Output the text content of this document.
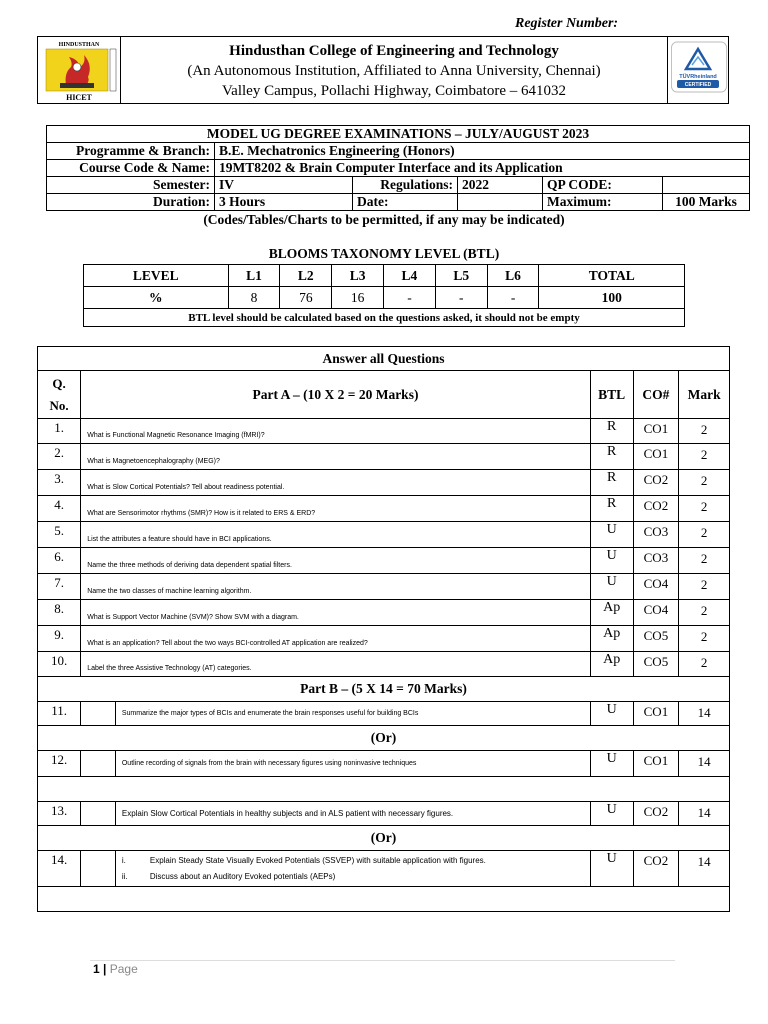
Register Number:
HINDUSTHAN
HICET
Hindusthan College of Engineering and Technology
(An Autonomous Institution, Affiliated to Anna University, Chennai)
Valley Campus, Pollachi Highway, Coimbatore – 641032
TÜVRheinland
CERTIFIED
MODEL UG DEGREE EXAMINATIONS – JULY/AUGUST 2023					
Programme & Branch:	B.E. Mechatronics Engineering (Honors)				
Course Code & Name:	19MT8202 & Brain Computer Interface and its Application				
Semester:	IV	Regulations:	2022	QP CODE:	
Duration:	3 Hours	Date:		Maximum:	100 Marks
(Codes/Tables/Charts to be permitted, if any may be indicated)
BLOOMS TAXONOMY LEVEL (BTL)
LEVEL	L1	L2	L3	L4	L5	L6	TOTAL
%	8	76	16	-	-	-	100
BTL level should be calculated based on the questions asked, it should not be empty							
Answer all Questions					
Q.
No.	Part A – (10 X 2 = 20 Marks)		BTL	CO#	Mark
1.	What is Functional Magnetic Resonance Imaging (fMRI)?		R	CO1	2
2.	What is Magnetoencephalography (MEG)?		R	CO1	2
3.	What is Slow Cortical Potentials? Tell about readiness potential.		R	CO2	2
4.	What are Sensorimotor rhythms (SMR)? How is it related to ERS & ERD?		R	CO2	2
5.	List the attributes a feature should have in BCI applications.		U	CO3	2
6.	Name the three methods of deriving data dependent spatial filters.		U	CO3	2
7.	Name the two classes of machine learning algorithm.		U	CO4	2
8.	What is Support Vector Machine (SVM)? Show SVM with a diagram.		Ap	CO4	2
9.	What is an application? Tell about the two ways BCI-controlled AT application are realized?		Ap	CO5	2
10.	Label the three Assistive Technology (AT) categories.		Ap	CO5	2
Part B – (5 X 14 = 70 Marks)					
11.		Summarize the major types of BCIs and enumerate the brain responses useful for building BCIs	U	CO1	14
(Or)					
12.		Outline recording of signals from the brain with necessary figures using noninvasive techniques	U	CO1	14

13.		Explain Slow Cortical Potentials in healthy subjects and in ALS patient with necessary figures.	U	CO2	14
(Or)					
14.		i. Explain Steady State Visually Evoked Potentials (SSVEP) with suitable application with figures.
ii. Discuss about an Auditory Evoked potentials (AEPs)	U	CO2	14

1 | Page
